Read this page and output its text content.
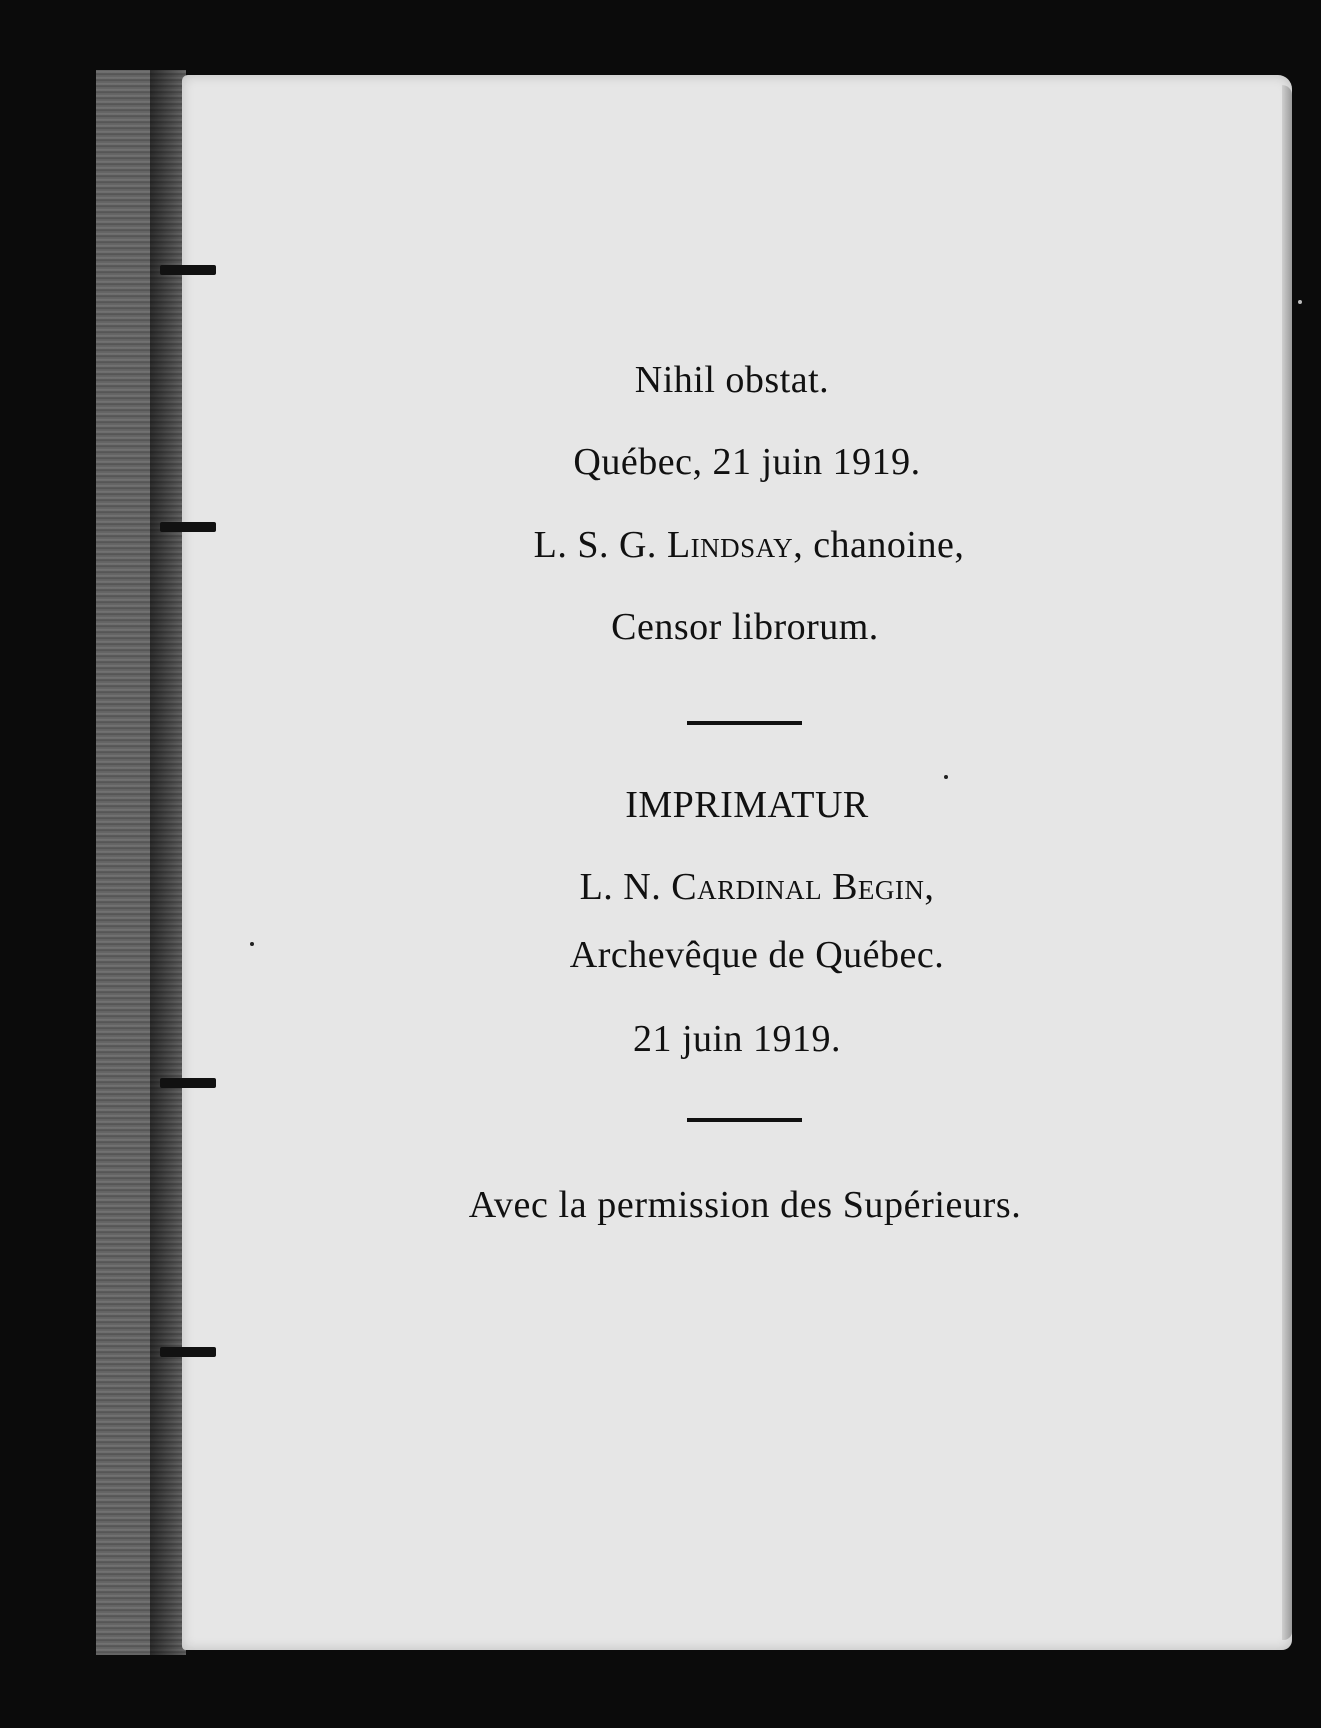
Nihil obstat.
Québec, 21 juin 1919.
L. S. G. Lindsay, chanoine,
Censor librorum.
IMPRIMATUR
L. N. Cardinal Begin,
Archevêque de Québec.
21 juin 1919.
Avec la permission des Supérieurs.
